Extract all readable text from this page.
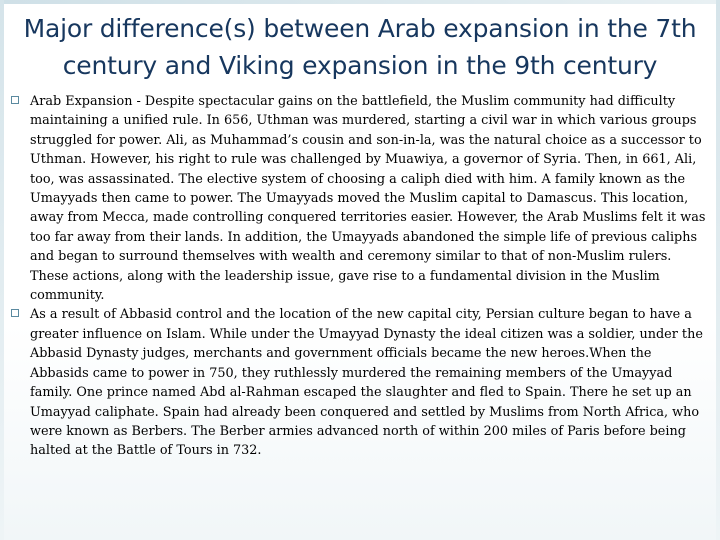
Major difference(s) between Arab expansion in the 7th century and Viking expansion in the 9th century
Arab Expansion - Despite spectacular gains on the battlefield, the Muslim community had difficulty maintaining a unified rule. In 656, Uthman was murdered, starting a civil war in which various groups struggled for power. Ali, as Muhammad’s cousin and son-in-la, was the natural choice as a successor to Uthman. However, his right to rule was challenged by Muawiya, a governor of Syria. Then, in 661, Ali, too, was assassinated. The elective system of choosing a caliph died with him. A family known as the Umayyads then came to power. The Umayyads moved the Muslim capital to Damascus. This location, away from Mecca, made controlling conquered territories easier. However, the Arab Muslims felt it was too far away from their lands. In addition, the Umayyads abandoned the simple life of previous caliphs and began to surround themselves with wealth and ceremony similar to that of non-Muslim rulers. These actions, along with the leadership issue, gave rise to a fundamental division in the Muslim community.
As a result of Abbasid control and the location of the new capital city, Persian culture began to have a greater influence on Islam. While under the Umayyad Dynasty the ideal citizen was a soldier, under the Abbasid Dynasty judges, merchants and government officials became the new heroes.When the Abbasids came to power in 750, they ruthlessly murdered the remaining members of the Umayyad family. One prince named Abd al-Rahman escaped the slaughter and fled to Spain. There he set up an Umayyad caliphate. Spain had already been conquered and settled by Muslims from North Africa, who were known as Berbers. The Berber armies advanced north of within 200 miles of Paris before being halted at the Battle of Tours in 732.
